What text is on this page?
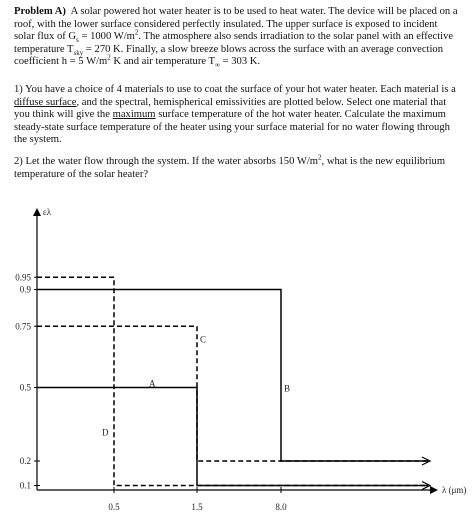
Problem A) A solar powered hot water heater is to be used to heat water. The device will be placed on a roof, with the lower surface considered perfectly insulated. The upper surface is exposed to incident solar flux of $G_s = 1000$ $W/m^2$. The atmosphere also sends irradiation to the solar panel with an effective temperature $T_{sky} = 270$ K. Finally, a slow breeze blows across the surface with an average convection coefficient h = 5 $W/m^2$ K and air temperature $T_\infty = 303$ K.

1) You have a choice of 4 materials to use to coat the surface of your hot water heater. Each material is a diffuse surface, and the spectral, hemispherical emissivities are plotted below. Select one material that you think will give the maximum surface temperature of the hot water heater. Calculate the maximum steady-state surface temperature of the heater using your surface material for no water flowing through the system.

2) Let the water flow through the system. If the water absorbs 150 $W/m^2$, what is the new equilibrium temperature of the solar heater?

ελ
λ (μm)
0.95
0.9
0.75
0.5
0.2
0.1
0.5	1.5	8.0
A	B
C
D
